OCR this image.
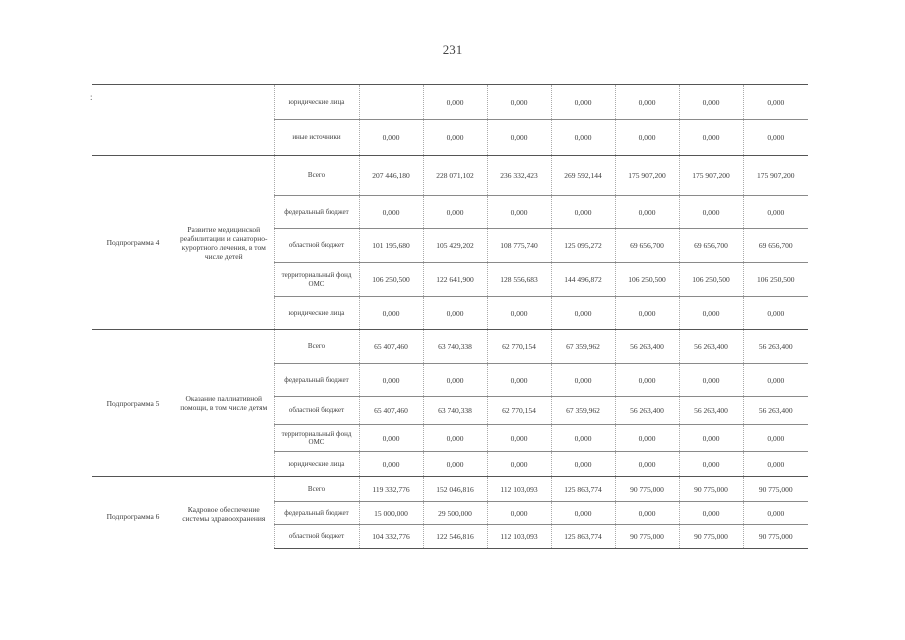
231
:
			юридические лица		0,000	0,000	0,000	0,000	0,000	0,000
		иные источники	0,000	0,000	0,000	0,000	0,000	0,000	0,000
Подпрограмма 4	Развитие медицинской реабилитации и санаторно-курортного лечения, в том числе детей	Всего	207 446,180	228 071,102	236 332,423	269 592,144	175 907,200	175 907,200	175 907,200
		федеральный бюджет	0,000	0,000	0,000	0,000	0,000	0,000	0,000
		областной бюджет	101 195,680	105 429,202	108 775,740	125 095,272	69 656,700	69 656,700	69 656,700
		территориальный фонд ОМС	106 250,500	122 641,900	128 556,683	144 496,872	106 250,500	106 250,500	106 250,500
		юридические лица	0,000	0,000	0,000	0,000	0,000	0,000	0,000
Подпрограмма 5	Оказание паллиативной помощи, в том числе детям	Всего	65 407,460	63 740,338	62 770,154	67 359,962	56 263,400	56 263,400	56 263,400
		федеральный бюджет	0,000	0,000	0,000	0,000	0,000	0,000	0,000
		областной бюджет	65 407,460	63 740,338	62 770,154	67 359,962	56 263,400	56 263,400	56 263,400
		территориальный фонд ОМС	0,000	0,000	0,000	0,000	0,000	0,000	0,000
		юридические лица	0,000	0,000	0,000	0,000	0,000	0,000	0,000
Подпрограмма 6	Кадровое обеспечение системы здравоохранения	Всего	119 332,776	152 046,816	112 103,093	125 863,774	90 775,000	90 775,000	90 775,000
		федеральный бюджет	15 000,000	29 500,000	0,000	0,000	0,000	0,000	0,000
		областной бюджет	104 332,776	122 546,816	112 103,093	125 863,774	90 775,000	90 775,000	90 775,000
